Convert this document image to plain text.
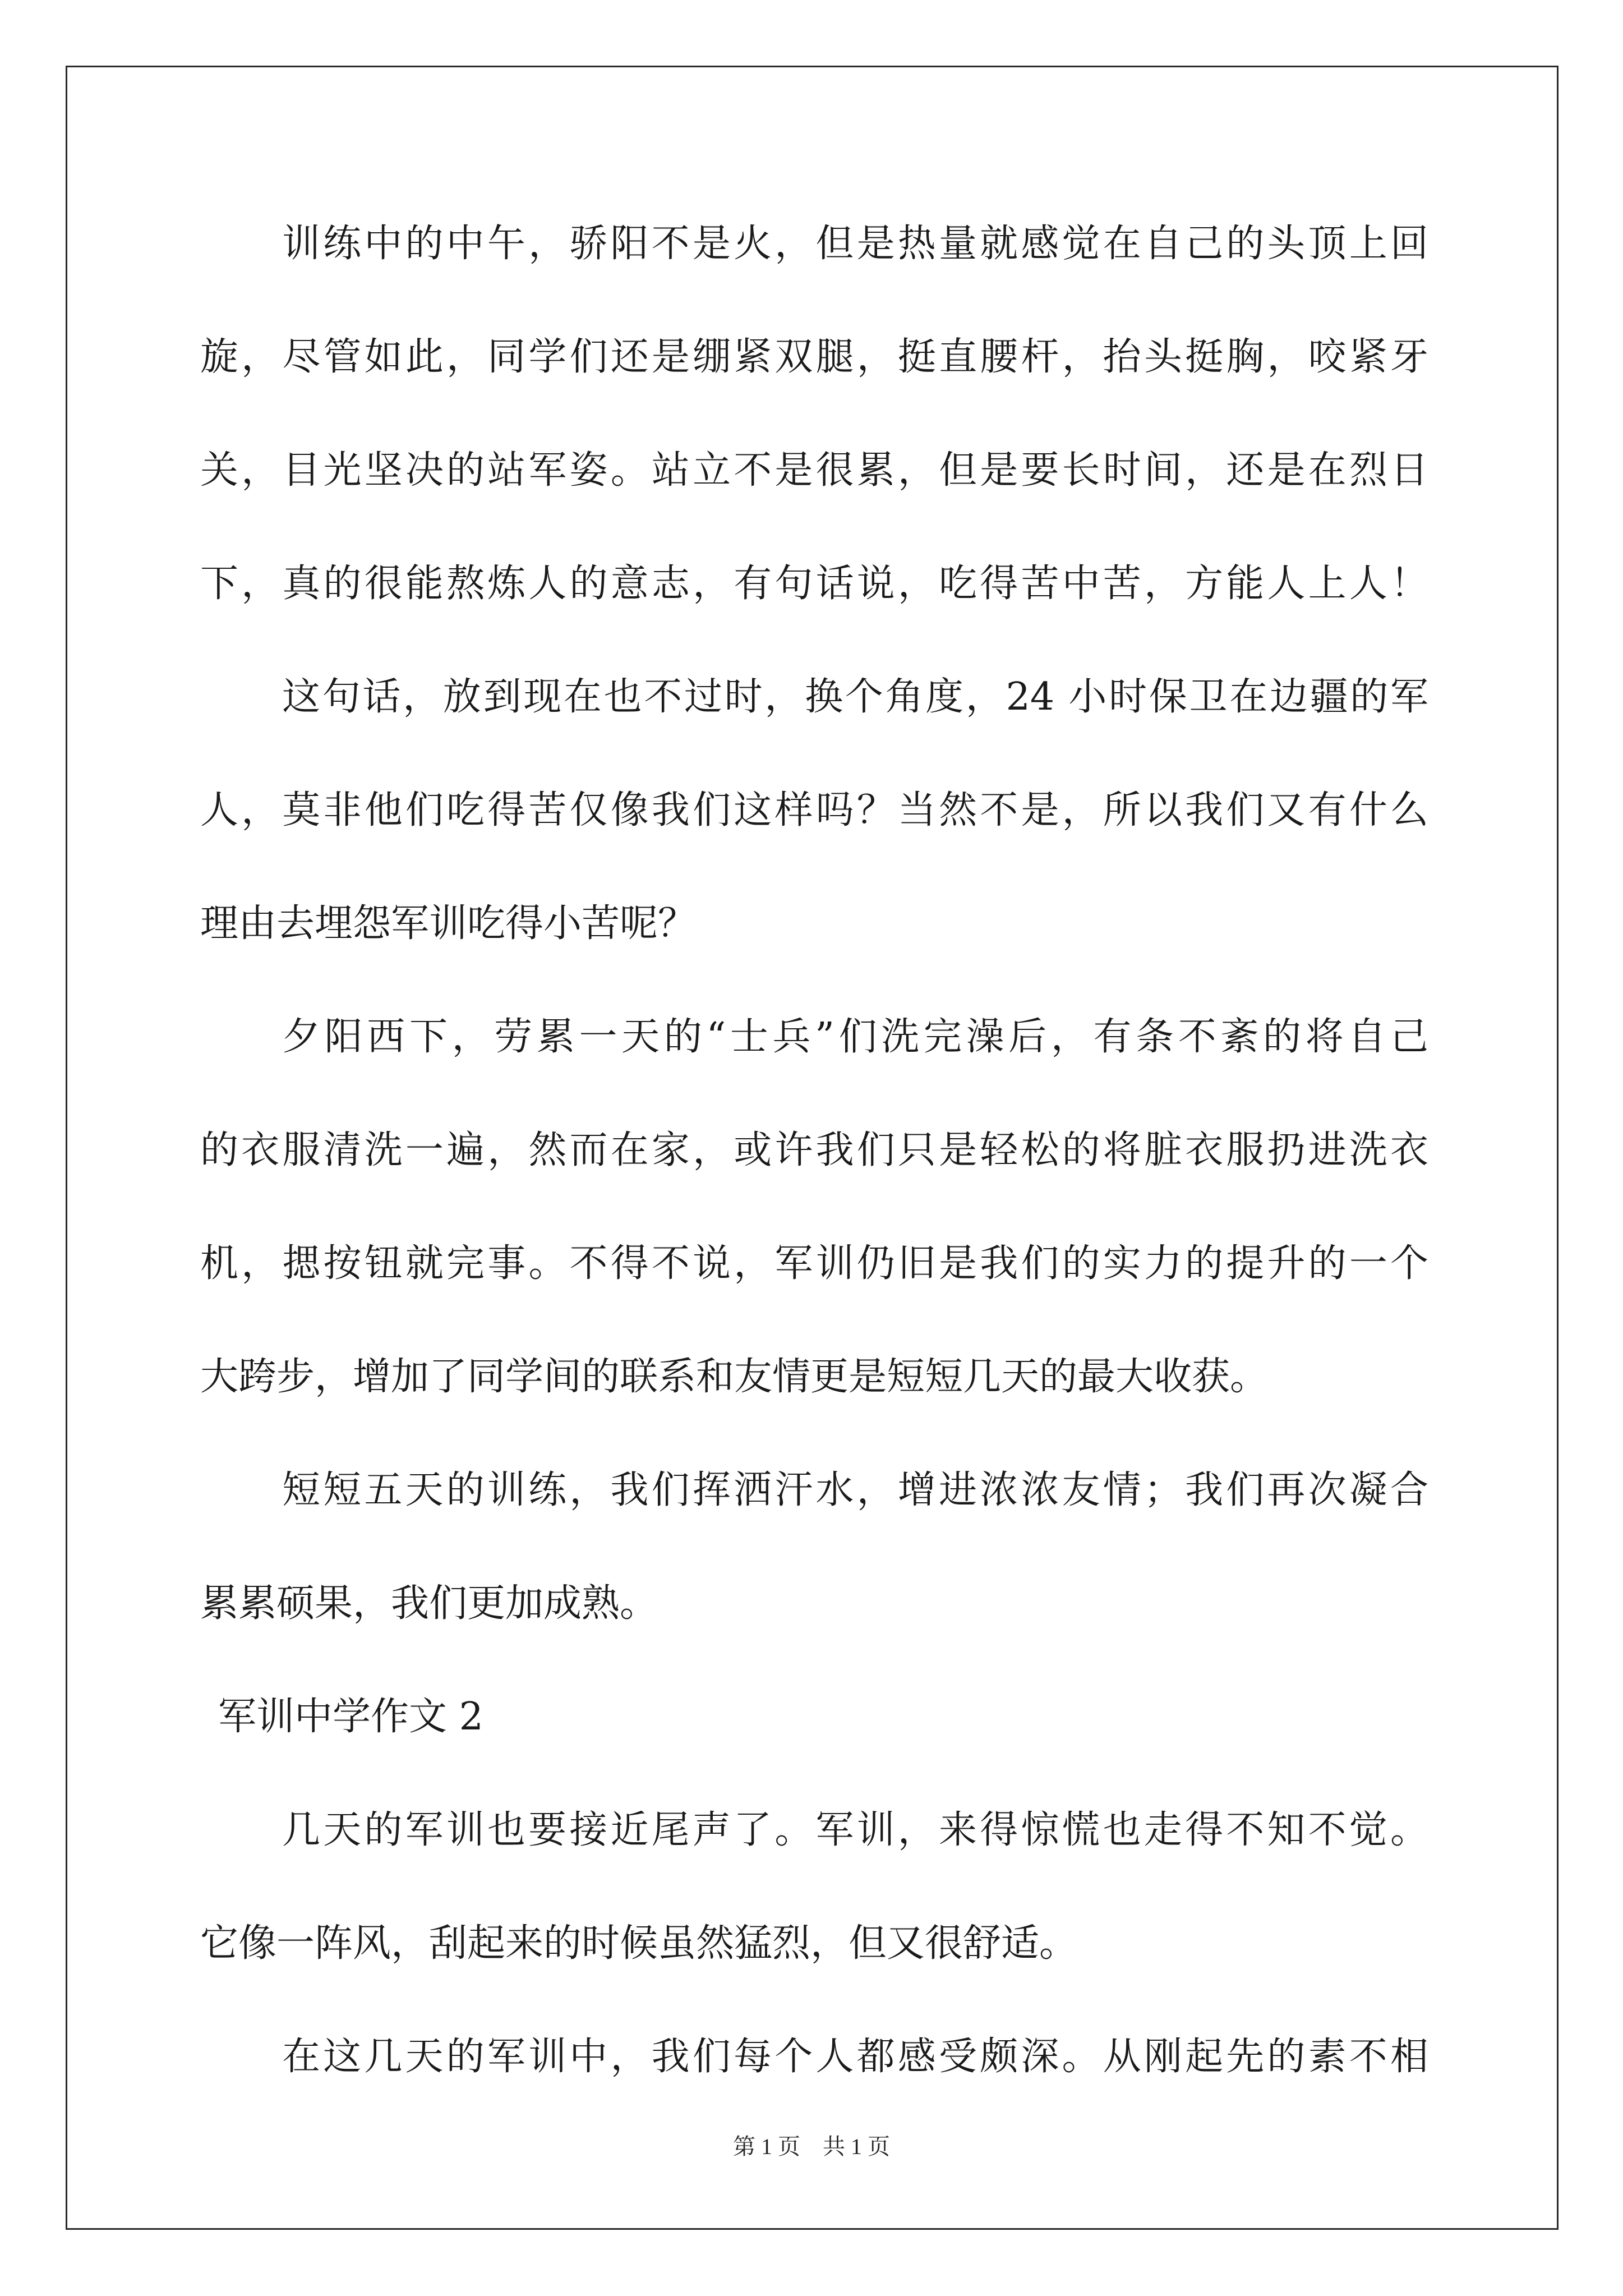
训练中的中午，骄阳不是火，但是热量就感觉在自己的头顶上回
旋，尽管如此，同学们还是绷紧双腿，挺直腰杆，抬头挺胸，咬紧牙
关，目光坚决的站军姿。站立不是很累，但是要长时间，还是在烈日
下，真的很能熬炼人的意志，有句话说，吃得苦中苦，方能人上人！
这句话，放到现在也不过时，换个角度，24 小时保卫在边疆的军
人，莫非他们吃得苦仅像我们这样吗？当然不是，所以我们又有什么
理由去埋怨军训吃得小苦呢？
夕阳西下，劳累一天的“士兵”们洗完澡后，有条不紊的将自己
的衣服清洗一遍，然而在家，或许我们只是轻松的将脏衣服扔进洗衣
机，揌按钮就完事。不得不说，军训仍旧是我们的实力的提升的一个
大跨步，增加了同学间的联系和友情更是短短几天的最大收获。
短短五天的训练，我们挥洒汗水，增进浓浓友情；我们再次凝合
累累硕果，我们更加成熟。
军训中学作文 2
几天的军训也要接近尾声了。军训，来得惊慌也走得不知不觉。
它像一阵风，刮起来的时候虽然猛烈，但又很舒适。
在这几天的军训中，我们每个人都感受颇深。从刚起先的素不相
第 1 页　共 1 页
